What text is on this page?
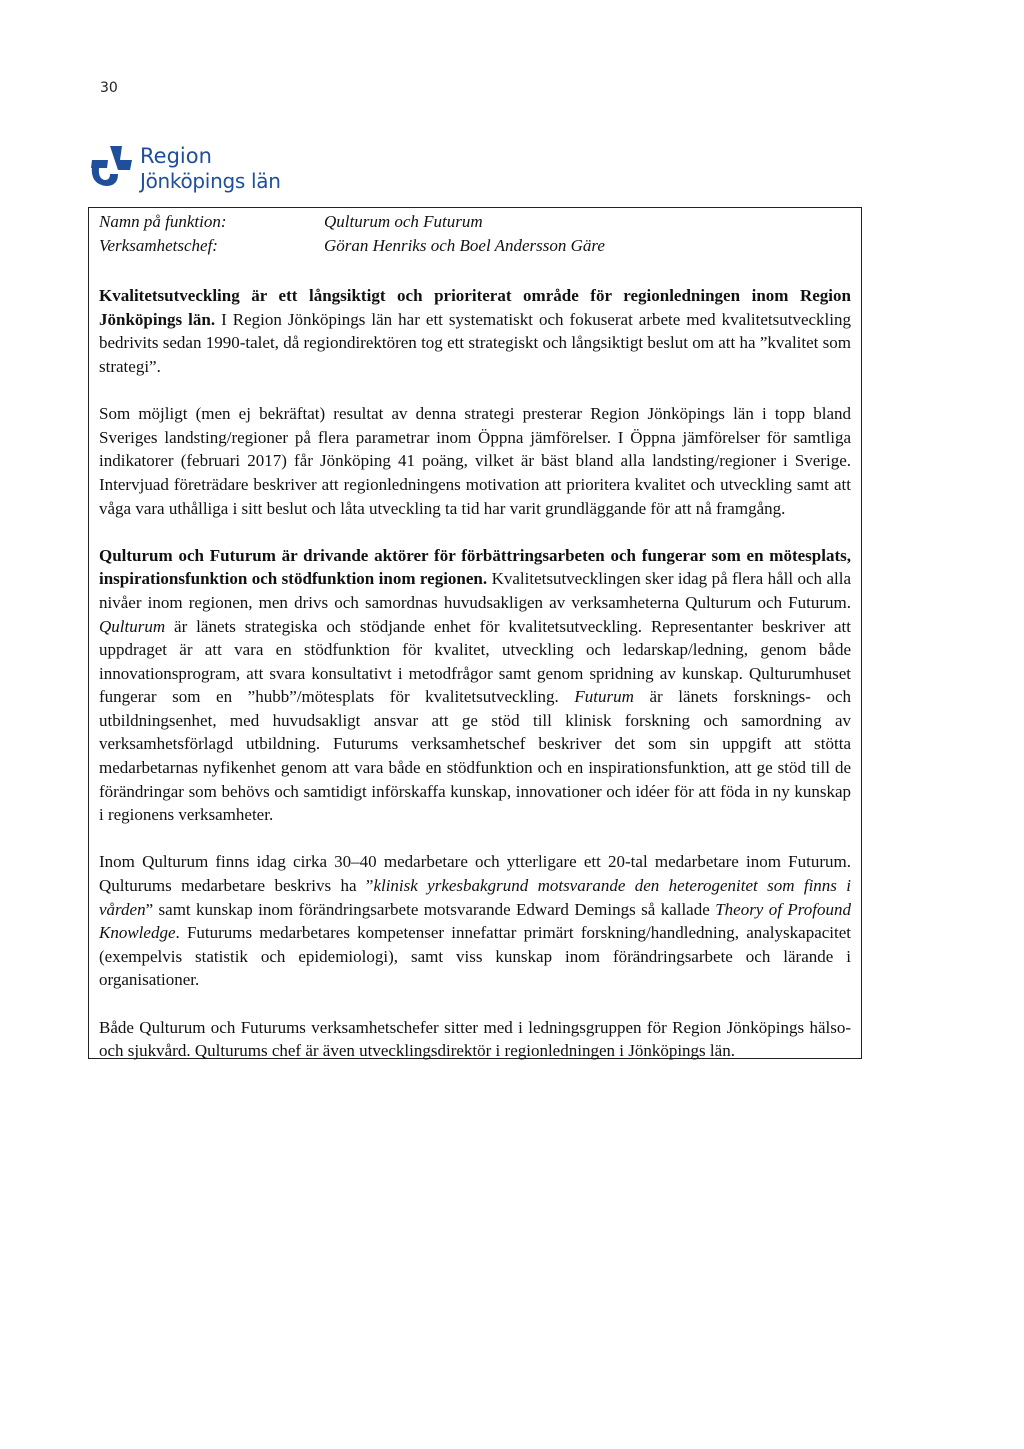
30
Region
Jönköpings län
Namn på funktion:	Qulturum och Futurum
Verksamhetschef:	Göran Henriks och Boel Andersson Gäre

Kvalitetsutveckling är ett långsiktigt och prioriterat område för regionledningen inom Region Jönköpings län. I Region Jönköpings län har ett systematiskt och fokuserat arbete med kvalitetsutveckling bedrivits sedan 1990-talet, då regiondirektören tog ett strategiskt och långsiktigt beslut om att ha ”kvalitet som strategi”.

Som möjligt (men ej bekräftat) resultat av denna strategi presterar Region Jönköpings län i topp bland Sveriges landsting/regioner på flera parametrar inom Öppna jämförelser. I Öppna jämförelser för samtliga indikatorer (februari 2017) får Jönköping 41 poäng, vilket är bäst bland alla landsting/regioner i Sverige. Intervjuad företrädare beskriver att regionledningens motivation att prioritera kvalitet och utveckling samt att våga vara uthålliga i sitt beslut och låta utveckling ta tid har varit grundläggande för att nå framgång.

Qulturum och Futurum är drivande aktörer för förbättringsarbeten och fungerar som en mötesplats, inspirationsfunktion och stödfunktion inom regionen. Kvalitetsutvecklingen sker idag på flera håll och alla nivåer inom regionen, men drivs och samordnas huvudsakligen av verksamheterna Qulturum och Futurum. Qulturum är länets strategiska och stödjande enhet för kvalitetsutveckling. Representanter beskriver att uppdraget är att vara en stödfunktion för kvalitet, utveckling och ledarskap/ledning, genom både innovationsprogram, att svara konsultativt i metodfrågor samt genom spridning av kunskap. Qulturumhuset fungerar som en ”hubb”/mötesplats för kvalitetsutveckling. Futurum är länets forsknings- och utbildningsenhet, med huvudsakligt ansvar att ge stöd till klinisk forskning och samordning av verksamhetsförlagd utbildning. Futurums verksamhetschef beskriver det som sin uppgift att stötta medarbetarnas nyfikenhet genom att vara både en stödfunktion och en inspirationsfunktion, att ge stöd till de förändringar som behövs och samtidigt införskaffa kunskap, innovationer och idéer för att föda in ny kunskap i regionens verksamheter.

Inom Qulturum finns idag cirka 30–40 medarbetare och ytterligare ett 20-tal medarbetare inom Futurum. Qulturums medarbetare beskrivs ha ”klinisk yrkesbakgrund motsvarande den heterogenitet som finns i vården” samt kunskap inom förändringsarbete motsvarande Edward Demings så kallade Theory of Profound Knowledge. Futurums medarbetares kompetenser innefattar primärt forskning/handledning, analyskapacitet (exempelvis statistik och epidemiologi), samt viss kunskap inom förändringsarbete och lärande i organisationer.

Både Qulturum och Futurums verksamhetschefer sitter med i ledningsgruppen för Region Jönköpings hälso- och sjukvård. Qulturums chef är även utvecklingsdirektör i regionledningen i Jönköpings län.
